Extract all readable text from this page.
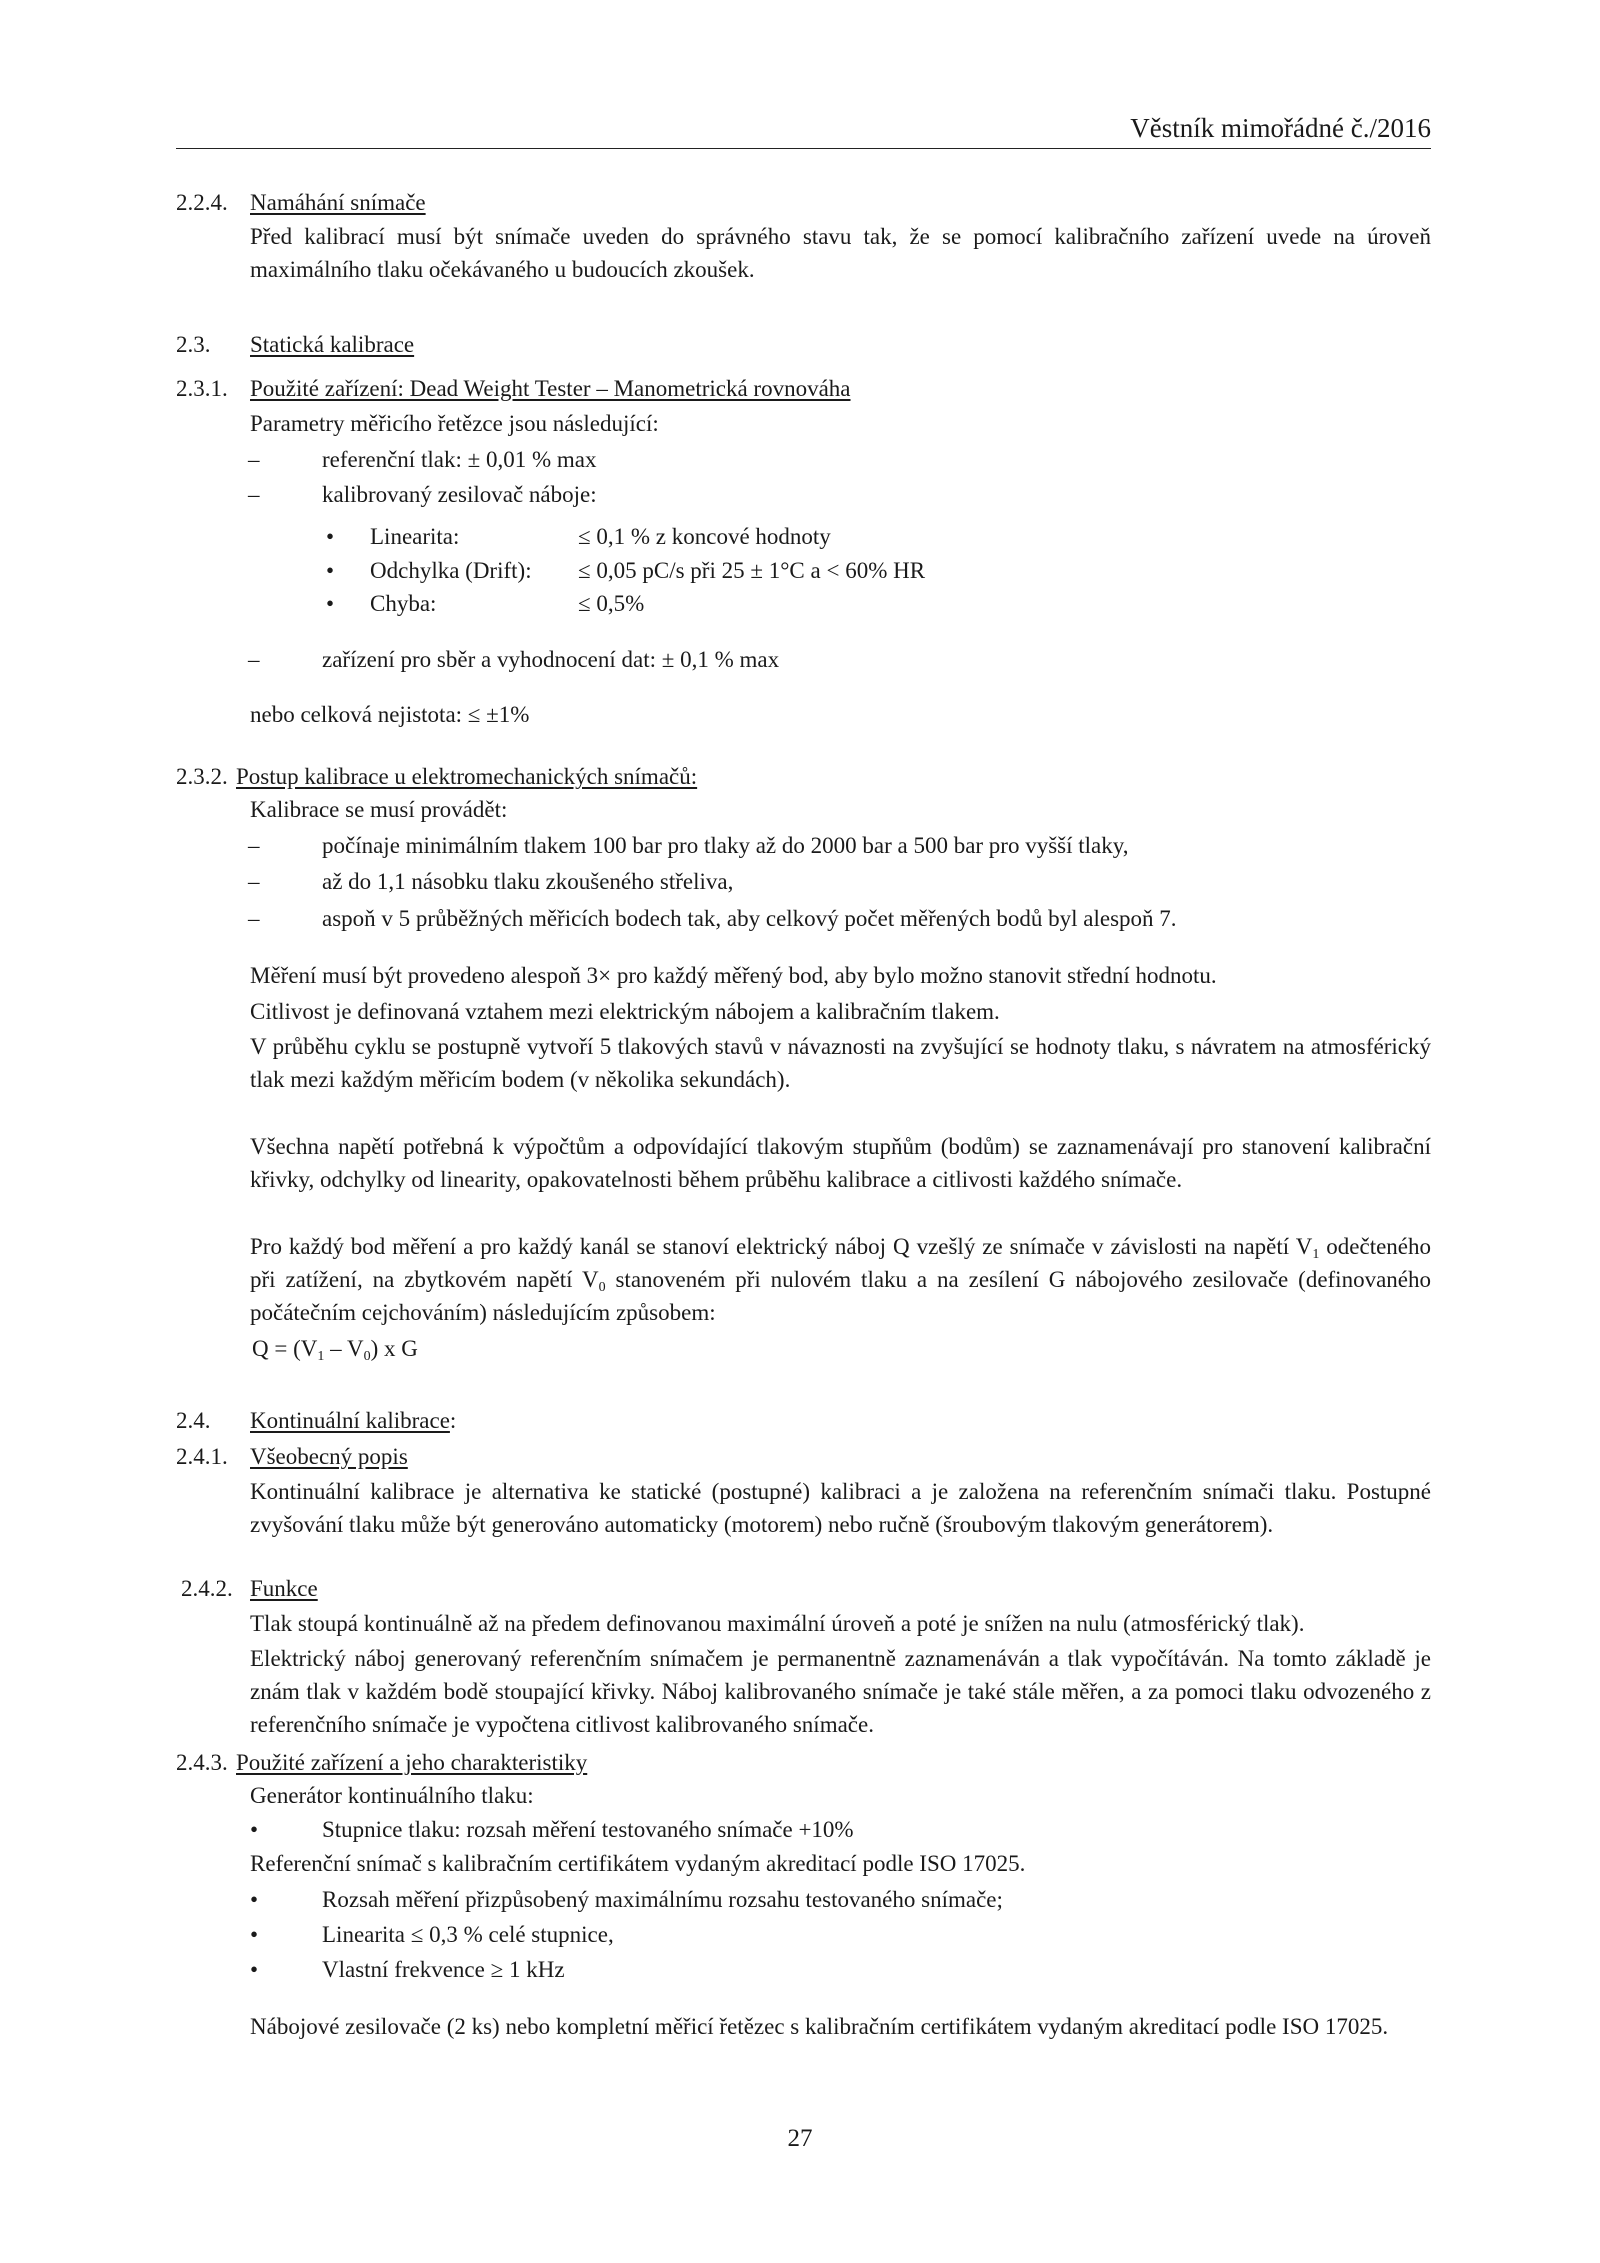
Věstník mimořádné č./2016
2.2.4. Namáhání snímače
Před kalibrací musí být snímače uveden do správného stavu tak, že se pomocí kalibračního zařízení uvede na úroveň maximálního tlaku očekávaného u budoucích zkoušek.
2.3. Statická kalibrace
2.3.1. Použité zařízení: Dead Weight Tester – Manometrická rovnováha
Parametry měřicího řetězce jsou následující:
–	referenční tlak: ± 0,01 % max
–	kalibrovaný zesilovač náboje:
• Linearita:	≤ 0,1 % z koncové hodnoty
• Odchylka (Drift): ≤ 0,05 pC/s při 25 ± 1°C a < 60% HR
• Chyba:	≤ 0,5%
–	zařízení pro sběr a vyhodnocení dat: ± 0,1 % max
nebo celková nejistota: ≤ ±1%
2.3.2. Postup kalibrace u elektromechanických snímačů:
Kalibrace se musí provádět:
–	počínaje minimálním tlakem 100 bar pro tlaky až do 2000 bar a 500 bar pro vyšší tlaky,
–	až do 1,1 násobku tlaku zkoušeného střeliva,
–	aspoň v 5 průběžných měřicích bodech tak, aby celkový počet měřených bodů byl alespoň 7.
Měření musí být provedeno alespoň 3× pro každý měřený bod, aby bylo možno stanovit střední hodnotu.
Citlivost je definovaná vztahem mezi elektrickým nábojem a kalibračním tlakem.
V průběhu cyklu se postupně vytvoří 5 tlakových stavů v návaznosti na zvyšující se hodnoty tlaku, s návratem na atmosférický tlak mezi každým měřicím bodem (v několika sekundách).
Všechna napětí potřebná k výpočtům a odpovídající tlakovým stupňům (bodům) se zaznamenávají pro stanovení kalibrační křivky, odchylky od linearity, opakovatelnosti během průběhu kalibrace a citlivosti každého snímače.
Pro každý bod měření a pro každý kanál se stanoví elektrický náboj Q vzešlý ze snímače v závislosti na napětí $V_1$ odečteného při zatížení, na zbytkovém napětí $V_0$ stanoveném při nulovém tlaku a na zesílení G nábojového zesilovače (definovaného počátečním cejchováním) následujícím způsobem:
$Q = (V_1 - V_0)$ x G
2.4. Kontinuální kalibrace:
2.4.1. Všeobecný popis
Kontinuální kalibrace je alternativa ke statické (postupné) kalibraci a je založena na referenčním snímači tlaku. Postupné zvyšování tlaku může být generováno automaticky (motorem) nebo ručně (šroubovým tlakovým generátorem).
2.4.2. Funkce
Tlak stoupá kontinuálně až na předem definovanou maximální úroveň a poté je snížen na nulu (atmosférický tlak).
Elektrický náboj generovaný referenčním snímačem je permanentně zaznamenáván a tlak vypočítáván. Na tomto základě je znám tlak v každém bodě stoupající křivky. Náboj kalibrovaného snímače je také stále měřen, a za pomoci tlaku odvozeného z referenčního snímače je vypočtena citlivost kalibrovaného snímače.
2.4.3. Použité zařízení a jeho charakteristiky
Generátor kontinuálního tlaku:
•	Stupnice tlaku: rozsah měření testovaného snímače +10%
Referenční snímač s kalibračním certifikátem vydaným akreditací podle ISO 17025.
•	Rozsah měření přizpůsobený maximálnímu rozsahu testovaného snímače;
•	Linearita ≤ 0,3 % celé stupnice,
•	Vlastní frekvence ≥ 1 kHz
Nábojové zesilovače (2 ks) nebo kompletní měřicí řetězec s kalibračním certifikátem vydaným akreditací podle ISO 17025.
27
